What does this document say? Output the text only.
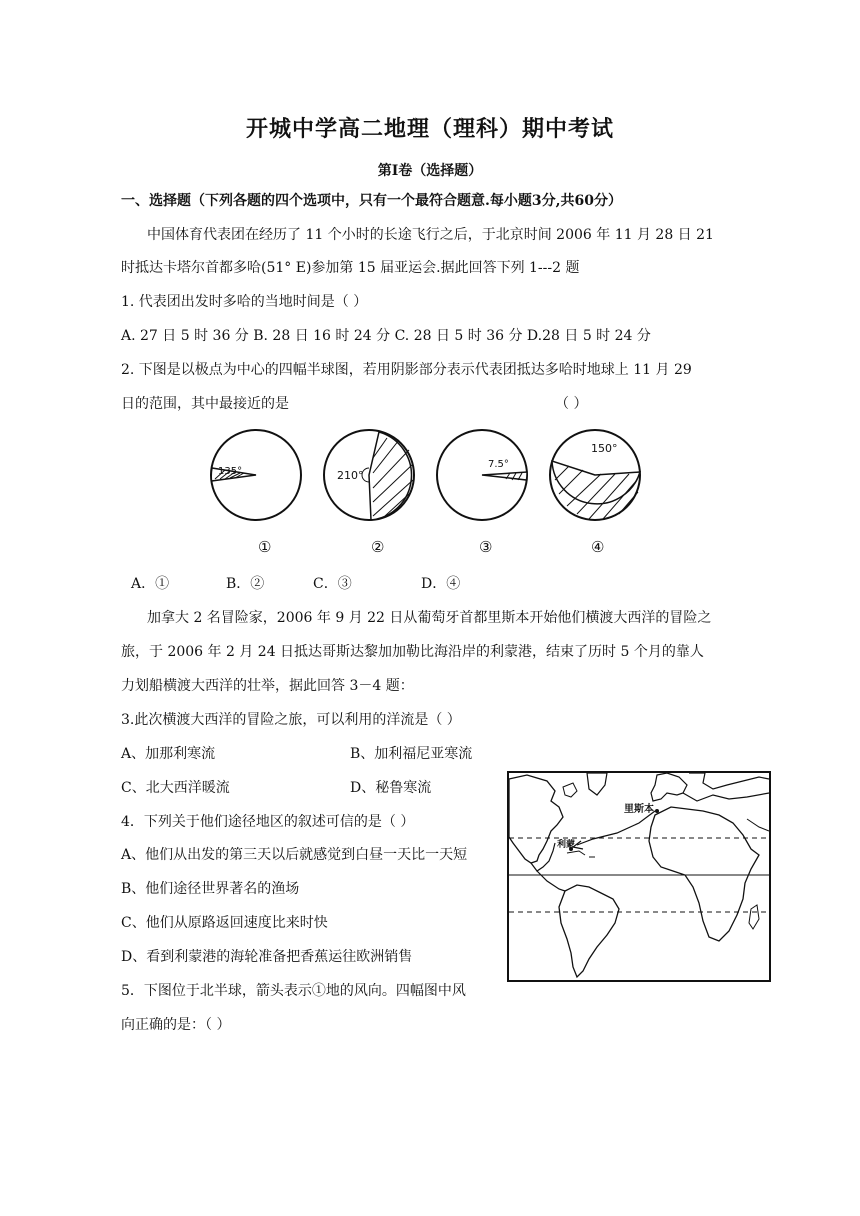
开城中学高二地理（理科）期中考试
第Ⅰ卷（选择题）
一、选择题（下列各题的四个选项中，只有一个最符合题意.每小题3分,共60分）
中国体育代表团在经历了 11 个小时的长途飞行之后，于北京时间 2006 年 11 月 28 日 21
时抵达卡塔尔首都多哈(51° E)参加第 15 届亚运会.据此回答下列 1---2 题
1. 代表团出发时多哈的当地时间是（ ）
A. 27 日 5 时 36 分 B. 28 日 16 时 24 分 C. 28 日 5 时 36 分 D.28 日 5 时 24 分
2. 下图是以极点为中心的四幅半球图，若用阴影部分表示代表团抵达多哈时地球上 11 月 29
日的范围，其中最接近的是	（ ）
135°	210°
7.5°
150°
①	②	③	④
A．①	B．②	C．③	D．④
加拿大 2 名冒险家，2006 年 9 月 22 日从葡萄牙首都里斯本开始他们横渡大西洋的冒险之
旅，于 2006 年 2 月 24 日抵达哥斯达黎加加勒比海沿岸的利蒙港，结束了历时 5 个月的靠人
力划船横渡大西洋的壮举，据此回答 3－4 题：
3.此次横渡大西洋的冒险之旅，可以利用的洋流是（ ）
A、加那利寒流	B、加利福尼亚寒流
C、北大西洋暖流	D、秘鲁寒流
里斯本
利蒙
4．下列关于他们途径地区的叙述可信的是（ ）
A、他们从出发的第三天以后就感觉到白昼一天比一天短
B、他们途径世界著名的渔场
C、他们从原路返回速度比来时快
D、看到利蒙港的海轮准备把香蕉运往欧洲销售
5．下图位于北半球，箭头表示①地的风向。四幅图中风
向正确的是：（ ）
